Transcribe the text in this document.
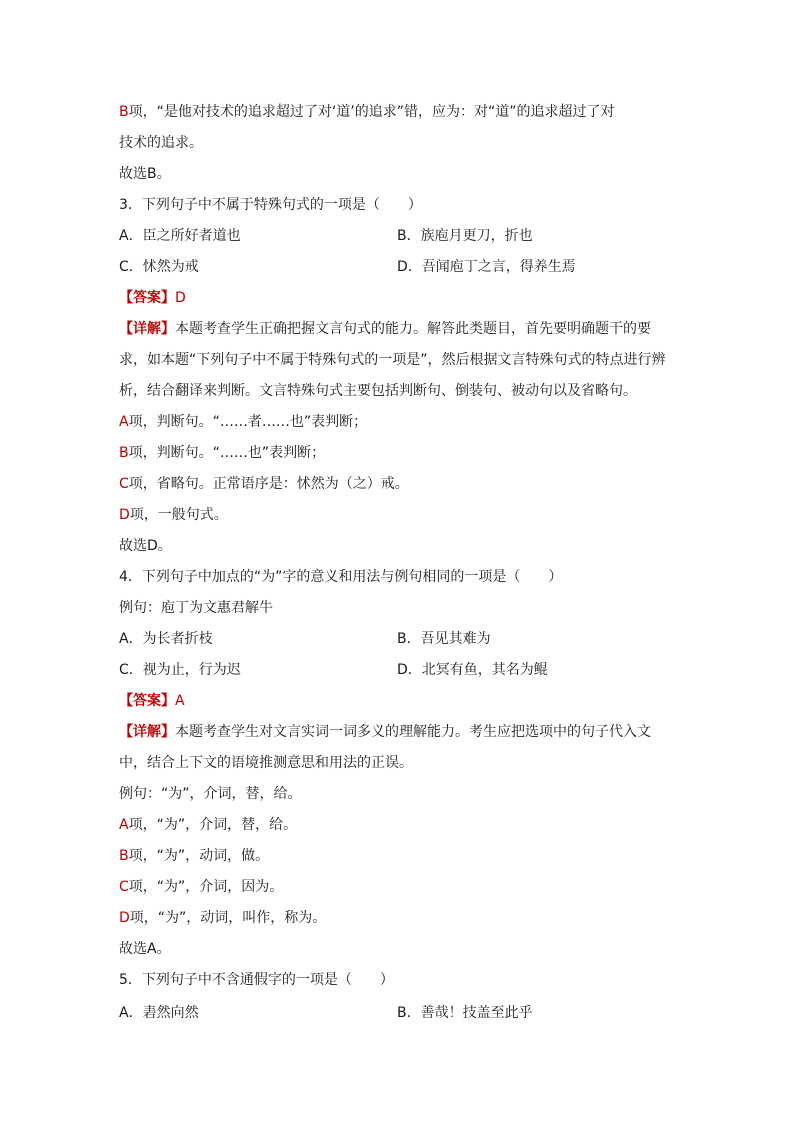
B项，“是他对技术的追求超过了对‘道’的追求”错，应为：对“道”的追求超过了对
技术的追求。
故选B。
3．下列句子中不属于特殊句式的一项是（　　）
A．臣之所好者道也	B．族庖月更刀，折也
C．怵然为戒	D．吾闻庖丁之言，得养生焉
【答案】D
【详解】本题考查学生正确把握文言句式的能力。解答此类题目，首先要明确题干的要
求，如本题“下列句子中不属于特殊句式的一项是”，然后根据文言特殊句式的特点进行辨
析，结合翻译来判断。文言特殊句式主要包括判断句、倒装句、被动句以及省略句。
A项，判断句。“……者……也”表判断；
B项，判断句。“……也”表判断；
C项，省略句。正常语序是：怵然为（之）戒。
D项，一般句式。
故选D。
4．下列句子中加点的“为”字的意义和用法与例句相同的一项是（　　）
例句：庖丁为文惠君解牛
A．为长者折枝	B．吾见其难为
C．视为止，行为迟	D．北冥有鱼，其名为鲲
【答案】A
【详解】本题考查学生对文言实词一词多义的理解能力。考生应把选项中的句子代入文
中，结合上下文的语境推测意思和用法的正误。
例句：“为”，介词，替，给。
A项，“为”，介词，替，给。
B项，“为”，动词，做。
C项，“为”，介词，因为。
D项，“为”，动词，叫作，称为。
故选A。
5．下列句子中不含通假字的一项是（　　）
A．砉然向然	B．善哉！技盖至此乎
